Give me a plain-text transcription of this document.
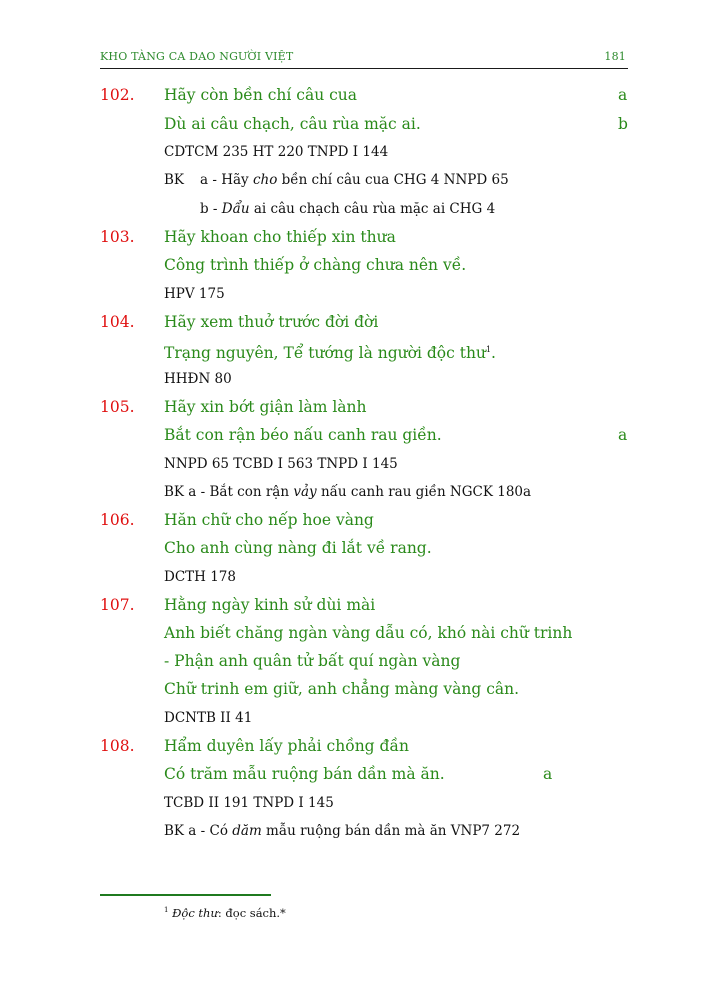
KHO TÀNG CA DAO NGƯỜI VIỆT	181
102. Hãy còn bền chí câu cua	a
Dù ai câu chạch, câu rùa mặc ai.	b
CDTCM 235 HT 220 TNPD I 144
BK a - Hãy cho bền chí câu cua CHG 4 NNPD 65
b - Dẩu ai câu chạch câu rùa mặc ai CHG 4
103. Hãy khoan cho thiếp xin thưa
Công trình thiếp ở chàng chưa nên về.
HPV 175
104. Hãy xem thuở trước đời đời
Trạng nguyên, Tể tướng là người độc thư$^1$.
HHĐN 80
105. Hãy xin bớt giận làm lành
Bắt con rận béo nấu canh rau giền.	a
NNPD 65 TCBD I 563 TNPD I 145
BK a - Bắt con rận vảy nấu canh rau giền NGCK 180a
106. Hăn chữ cho nếp hoe vàng
Cho anh cùng nàng đi lắt về rang.
DCTH 178
107. Hằng ngày kinh sử dùi mài
Anh biết chăng ngàn vàng dẫu có, khó nài chữ trinh
- Phận anh quân tử bất quí ngàn vàng
Chữ trinh em giữ, anh chẳng màng vàng cân.
DCNTB II 41
108. Hẩm duyên lấy phải chồng đần
Có trăm mẫu ruộng bán dần mà ăn.	a
TCBD II 191 TNPD I 145
BK a - Có dăm mẫu ruộng bán dần mà ăn VNP7 272
$^1$ Độc thư: đọc sách.*
